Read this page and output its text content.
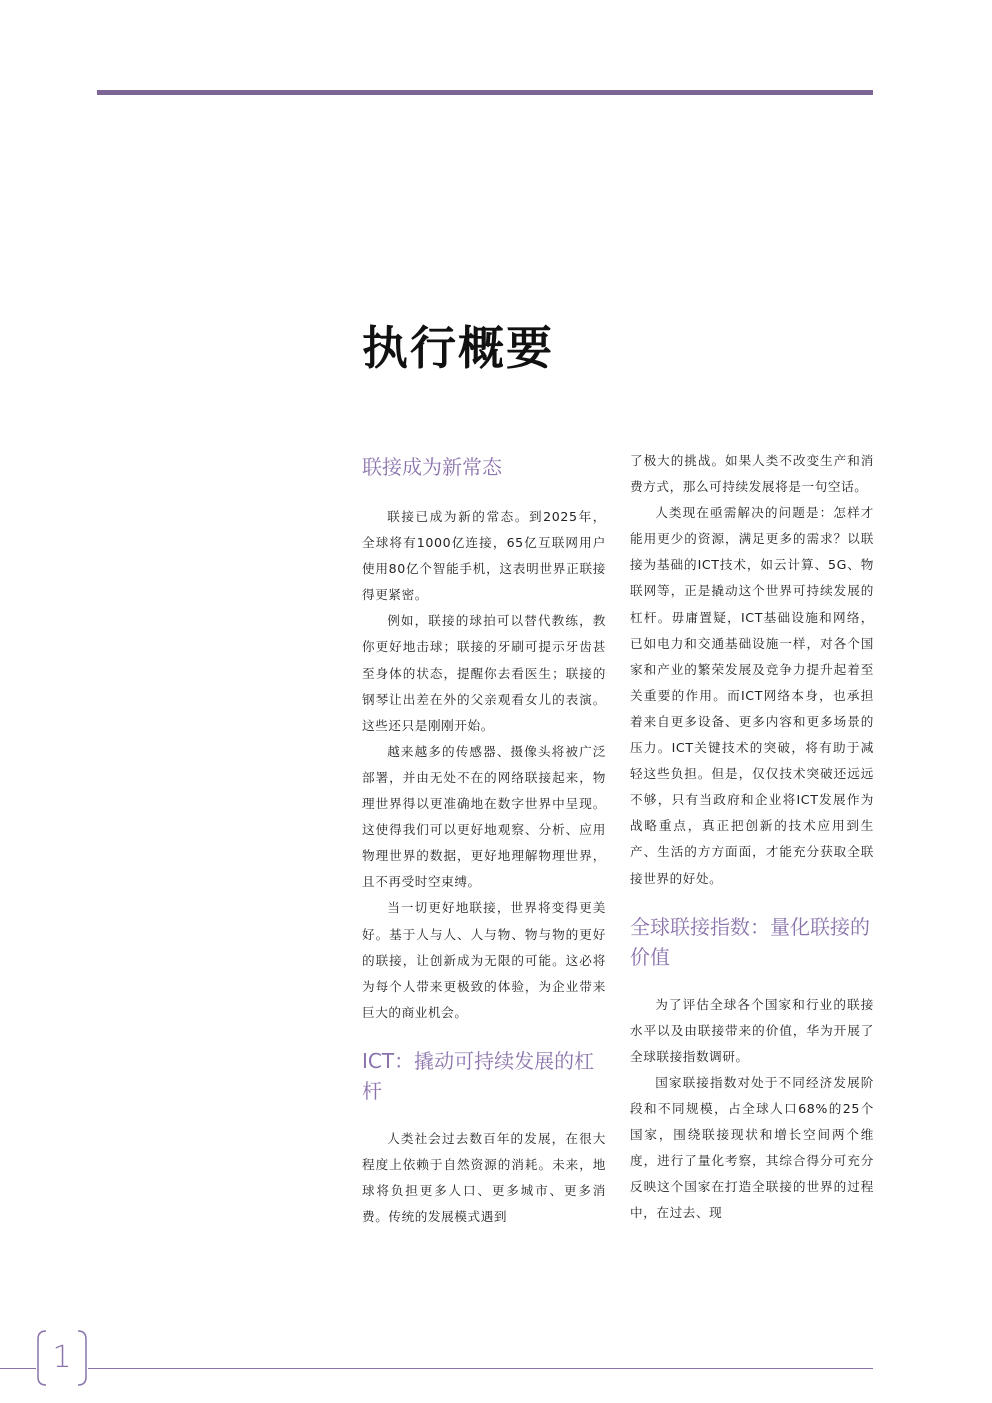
执行概要
联接成为新常态

联接已成为新的常态。到2025年，全球将有1000亿连接，65亿互联网用户使用80亿个智能手机，这表明世界正联接得更紧密。

例如，联接的球拍可以替代教练，教你更好地击球；联接的牙刷可提示牙齿甚至身体的状态，提醒你去看医生；联接的钢琴让出差在外的父亲观看女儿的表演。这些还只是刚刚开始。

越来越多的传感器、摄像头将被广泛部署，并由无处不在的网络联接起来，物理世界得以更准确地在数字世界中呈现。这使得我们可以更好地观察、分析、应用物理世界的数据，更好地理解物理世界，且不再受时空束缚。

当一切更好地联接，世界将变得更美好。基于人与人、人与物、物与物的更好的联接，让创新成为无限的可能。这必将为每个人带来更极致的体验，为企业带来巨大的商业机会。

ICT：撬动可持续发展的杠杆

人类社会过去数百年的发展，在很大程度上依赖于自然资源的消耗。未来，地球将负担更多人口、更多城市、更多消费。传统的发展模式遇到

了极大的挑战。如果人类不改变生产和消费方式，那么可持续发展将是一句空话。

人类现在亟需解决的问题是：怎样才能用更少的资源，满足更多的需求？以联接为基础的ICT技术，如云计算、5G、物联网等，正是撬动这个世界可持续发展的杠杆。毋庸置疑，ICT基础设施和网络，已如电力和交通基础设施一样，对各个国家和产业的繁荣发展及竞争力提升起着至关重要的作用。而ICT网络本身，也承担着来自更多设备、更多内容和更多场景的压力。ICT关键技术的突破，将有助于减轻这些负担。但是，仅仅技术突破还远远不够，只有当政府和企业将ICT发展作为战略重点，真正把创新的技术应用到生产、生活的方方面面，才能充分获取全联接世界的好处。

全球联接指数：量化联接的价值

为了评估全球各个国家和行业的联接水平以及由联接带来的价值，华为开展了全球联接指数调研。

国家联接指数对处于不同经济发展阶段和不同规模，占全球人口68%的25个国家，围绕联接现状和增长空间两个维度，进行了量化考察，其综合得分可充分反映这个国家在打造全联接的世界的过程中，在过去、现

1
